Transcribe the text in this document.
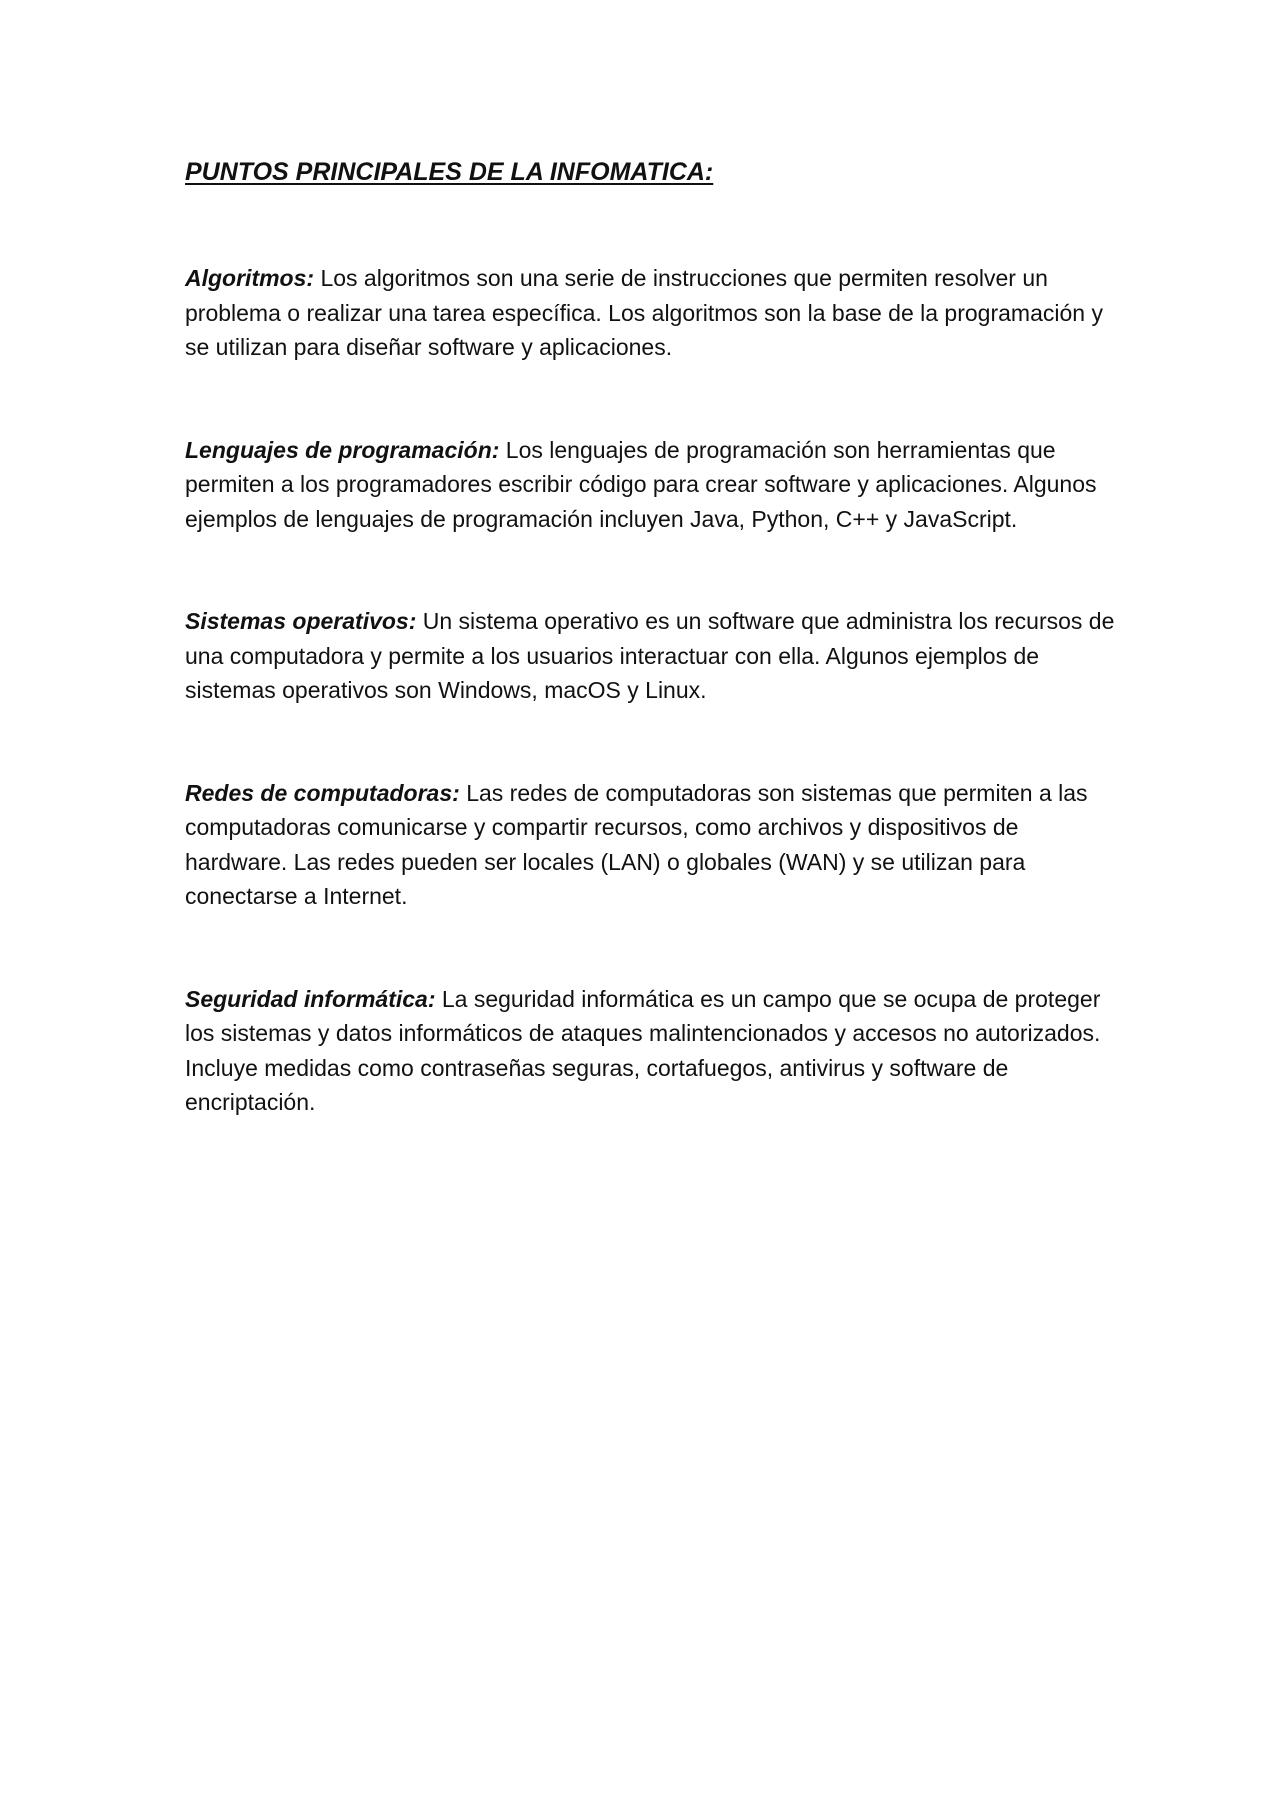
PUNTOS PRINCIPALES DE LA INFOMATICA:

Algoritmos: Los algoritmos son una serie de instrucciones que permiten resolver un problema o realizar una tarea específica. Los algoritmos son la base de la programación y se utilizan para diseñar software y aplicaciones.

Lenguajes de programación: Los lenguajes de programación son herramientas que permiten a los programadores escribir código para crear software y aplicaciones. Algunos ejemplos de lenguajes de programación incluyen Java, Python, C++ y JavaScript.

Sistemas operativos: Un sistema operativo es un software que administra los recursos de una computadora y permite a los usuarios interactuar con ella. Algunos ejemplos de sistemas operativos son Windows, macOS y Linux.

Redes de computadoras: Las redes de computadoras son sistemas que permiten a las computadoras comunicarse y compartir recursos, como archivos y dispositivos de hardware. Las redes pueden ser locales (LAN) o globales (WAN) y se utilizan para conectarse a Internet.

Seguridad informática: La seguridad informática es un campo que se ocupa de proteger los sistemas y datos informáticos de ataques malintencionados y accesos no autorizados. Incluye medidas como contraseñas seguras, cortafuegos, antivirus y software de encriptación.
